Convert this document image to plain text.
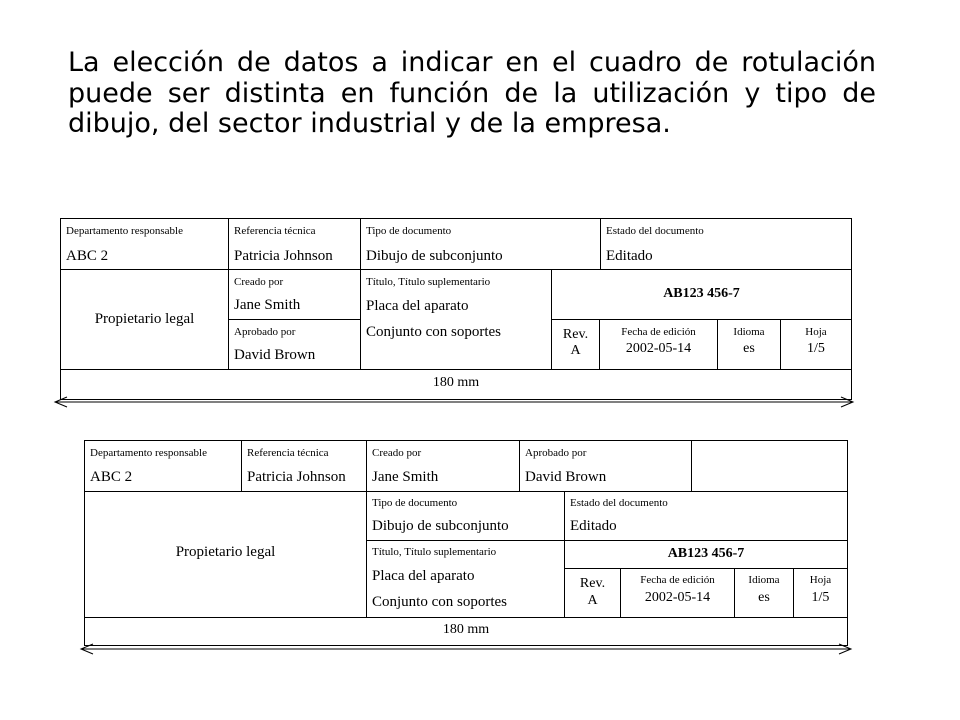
La elección de datos a indicar en el cuadro de rotulación puede ser distinta en función de la utilización y tipo de dibujo, del sector industrial y de la empresa.

Departamento responsable
ABC 2
Referencia técnica
Patricia Johnson
Tipo de documento
Dibujo de subconjunto
Estado del documento
Editado
Propietario legal
Creado por
Jane Smith
Aprobado por
David Brown
Título, Título suplementario
Placa del aparato
Conjunto con soportes
AB123 456-7
Rev.
A
Fecha de edición
2002-05-14
Idioma
es
Hoja
1/5
180 mm
Departamento responsable
ABC 2
Referencia técnica
Patricia Johnson
Creado por
Jane Smith
Aprobado por
David Brown
Propietario legal
Tipo de documento
Dibujo de subconjunto
Estado del documento
Editado
Título, Título suplementario
Placa del aparato
Conjunto con soportes
AB123 456-7
Rev.
A
Fecha de edición
2002-05-14
Idioma
es
Hoja
1/5
180 mm
